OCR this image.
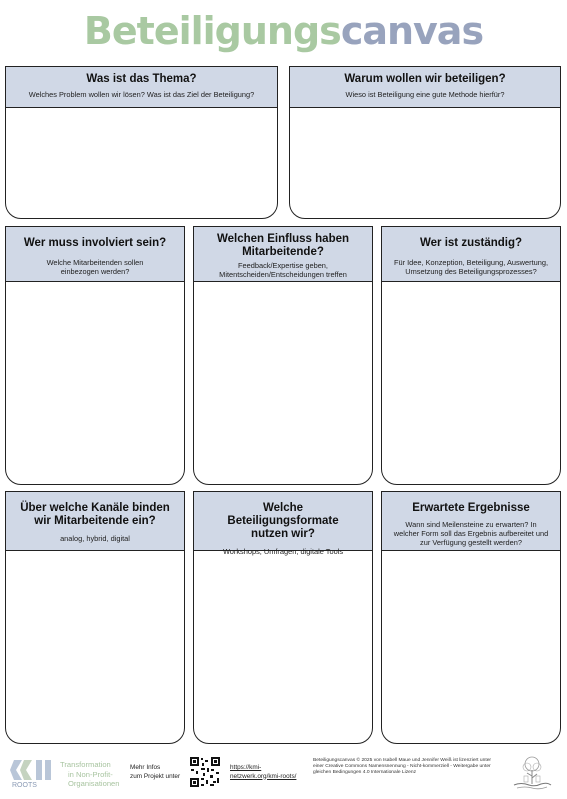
Beteiligungscanvas
Was ist das Thema?
Welches Problem wollen wir lösen? Was ist das Ziel der Beteiligung?
Warum wollen wir beteiligen?
Wieso ist Beteiligung eine gute Methode hierfür?
Wer muss involviert sein?
Welche Mitarbeitenden sollen einbezogen werden?
Welchen Einfluss haben Mitarbeitende?
Feedback/Expertise geben, Mitentscheiden/Entscheidungen treffen
Wer ist zuständig?
Für Idee, Konzeption, Beteiligung, Auswertung, Umsetzung des Beteiligungsprozesses?
Über welche Kanäle binden wir Mitarbeitende ein?
analog, hybrid, digital
Welche Beteiligungsformate nutzen wir?
Workshops, Umfragen, digitale Tools
Erwartete Ergebnisse
Wann sind Meilensteine zu erwarten? In welcher Form soll das Ergebnis aufbereitet und zur Verfügung gestellt werden?
ROOTS
Transformation
in Non-Profit-
Organisationen
Mehr Infos
zum Projekt unter
https://kmi-
netzwerk.org/kmi-roots/
Beteiligungscanvas © 2025 von Isabell Maue und Jennifer Weiß ist lizenziert unter einer Creative Commons Namensnennung - Nicht-kommerziell - Weitergabe unter gleichen Bedingungen 4.0 Internationale Lizenz
